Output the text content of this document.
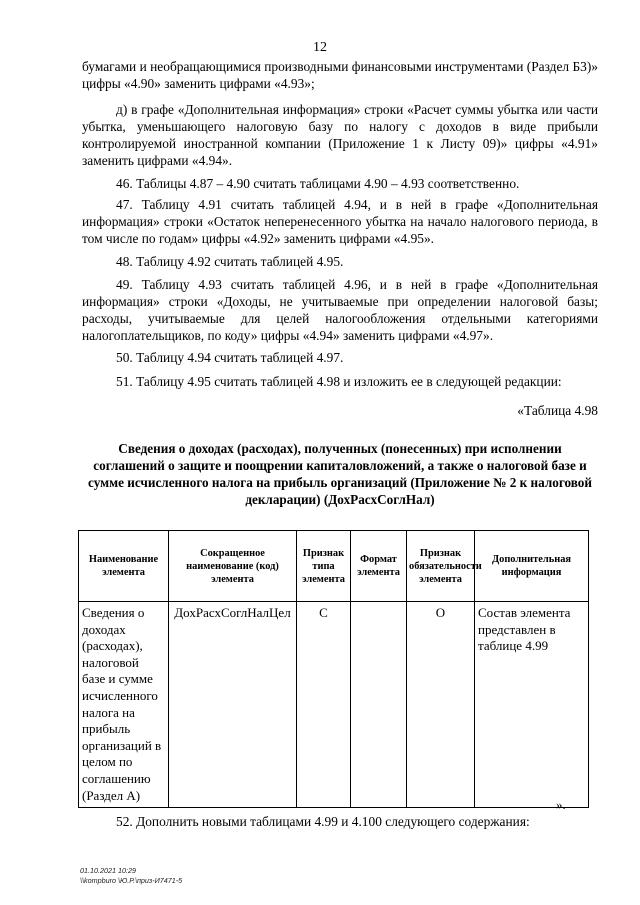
12

бумагами и необращающимися производными финансовыми инструментами (Раздел Б3)» цифры «4.90» заменить цифрами «4.93»;

д) в графе «Дополнительная информация» строки «Расчет суммы убытка или части убытка, уменьшающего налоговую базу по налогу с доходов в виде прибыли контролируемой иностранной компании (Приложение 1 к Листу 09)» цифры «4.91» заменить цифрами «4.94».

46. Таблицы 4.87 – 4.90 считать таблицами 4.90 – 4.93 соответственно.

47. Таблицу 4.91 считать таблицей 4.94, и в ней в графе «Дополнительная информация» строки «Остаток неперенесенного убытка на начало налогового периода, в том числе по годам» цифры «4.92» заменить цифрами «4.95».

48. Таблицу 4.92 считать таблицей 4.95.

49. Таблицу 4.93 считать таблицей 4.96, и в ней в графе «Дополнительная информация» строки «Доходы, не учитываемые при определении налоговой базы; расходы, учитываемые для целей налогообложения отдельными категориями налогоплательщиков, по коду» цифры «4.94» заменить цифрами «4.97».

50. Таблицу 4.94 считать таблицей 4.97.

51. Таблицу 4.95 считать таблицей 4.98 и изложить ее в следующей редакции:

«Таблица 4.98

Сведения о доходах (расходах), полученных (понесенных) при исполнении соглашений о защите и поощрении капиталовложений, а также о налоговой базе и сумме исчисленного налога на прибыль организаций (Приложение № 2 к налоговой декларации) (ДохРасхСоглНал)

Наименование элемента	Сокращенное наименование (код) элемента	Признак типа элемента	Формат элемента	Признак обязательности элемента	Дополнительная информация
Сведения о доходах (расходах), налоговой базе и сумме исчисленного налога на прибыль организаций в целом по соглашению (Раздел А)	ДохРасхСоглНалЦел	С		О	Состав элемента представлен в таблице 4.99
».

52. Дополнить новыми таблицами 4.99 и 4.100 следующего содержания:

01.10.2021 10:29
\\kompburo \Ю.Р.\приз-И7471-5
